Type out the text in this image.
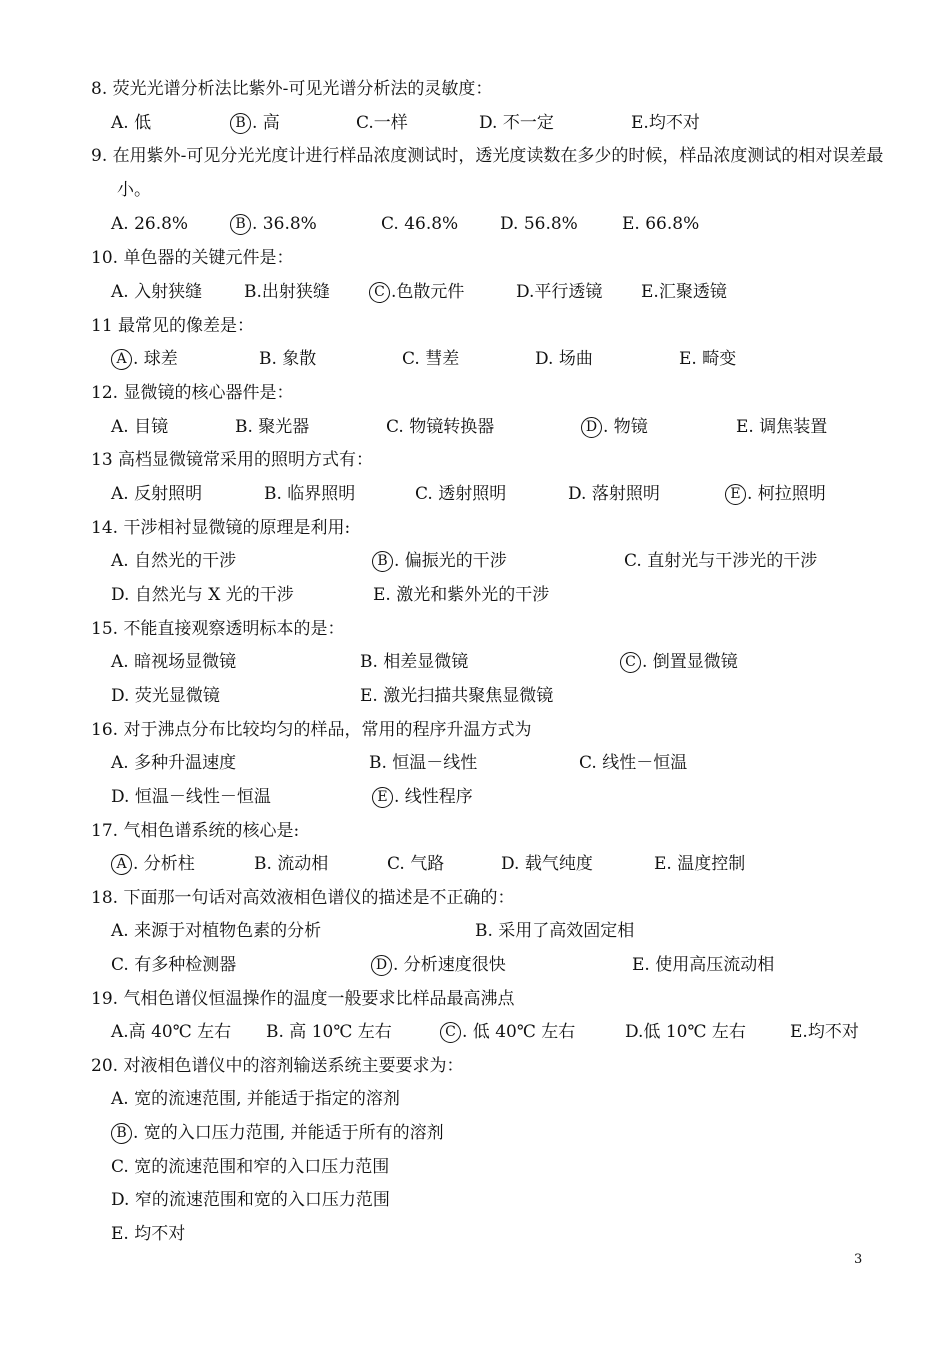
8. 荧光光谱分析法比紫外-可见光谱分析法的灵敏度：
A. 低	B . 高	C.一样	D. 不一定	E.均不对
9. 在用紫外-可见分光光度计进行样品浓度测试时，透光度读数在多少的时候，样品浓度测试的相对误差最小。
A. 26.8%	B . 36.8%	C. 46.8% D. 56.8%	E. 66.8%
10. 单色器的关键元件是：
A. 入射狭缝 B.出射狭缝	C .色散元件	D.平行透镜 E.汇聚透镜
11 最常见的像差是：
A . 球差	B. 象散	C. 彗差	D. 场曲	E. 畸变
12. 显微镜的核心器件是：
A. 目镜	B. 聚光器	C. 物镜转换器	D . 物镜	E. 调焦装置
13 高档显微镜常采用的照明方式有：
A. 反射照明	B. 临界照明	C. 透射照明	D. 落射照明	E . 柯拉照明
14. 干涉相衬显微镜的原理是利用:
A. 自然光的干涉	B . 偏振光的干涉	C. 直射光与干涉光的干涉
D. 自然光与 X 光的干涉	E. 激光和紫外光的干涉
15. 不能直接观察透明标本的是：
A. 暗视场显微镜	B. 相差显微镜	C . 倒置显微镜
D. 荧光显微镜	E. 激光扫描共聚焦显微镜
16. 对于沸点分布比较均匀的样品，常用的程序升温方式为
A. 多种升温速度	B. 恒温－线性	C. 线性－恒温
D. 恒温－线性－恒温	E . 线性程序
17. 气相色谱系统的核心是:
A . 分析柱	B. 流动相	C. 气路	D. 载气纯度	E. 温度控制
18. 下面那一句话对高效液相色谱仪的描述是不正确的：
A. 来源于对植物色素的分析	B. 采用了高效固定相
C. 有多种检测器	D . 分析速度很快	E. 使用高压流动相
19. 气相色谱仪恒温操作的温度一般要求比样品最高沸点
A.高 40℃ 左右 B. 高 10℃ 左右	C . 低 40℃ 左右	D.低 10℃ 左右	E.均不对
20. 对液相色谱仪中的溶剂输送系统主要要求为：
A. 宽的流速范围, 并能适于指定的溶剂
B . 宽的入口压力范围, 并能适于所有的溶剂
C. 宽的流速范围和窄的入口压力范围
D. 窄的流速范围和宽的入口压力范围
E. 均不对
3
